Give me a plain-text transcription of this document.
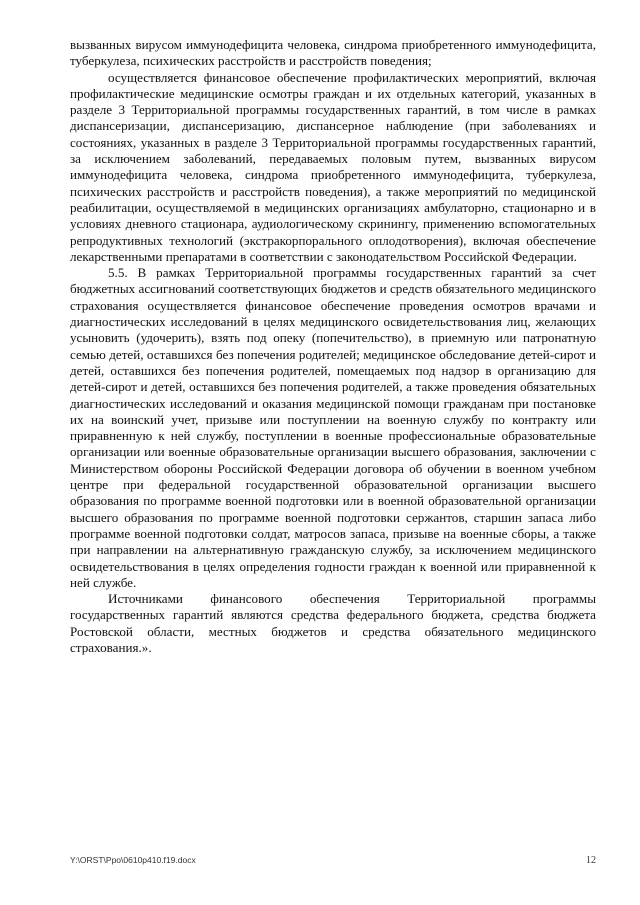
вызванных вирусом иммунодефицита человека, синдрома приобретенного иммунодефицита, туберкулеза, психических расстройств и расстройств поведения;

осуществляется финансовое обеспечение профилактических мероприятий, включая профилактические медицинские осмотры граждан и их отдельных категорий, указанных в разделе 3 Территориальной программы государственных гарантий, в том числе в рамках диспансеризации, диспансеризацию, диспансерное наблюдение (при заболеваниях и состояниях, указанных в разделе 3 Территориальной программы государственных гарантий, за исключением заболеваний, передаваемых половым путем, вызванных вирусом иммунодефицита человека, синдрома приобретенного иммунодефицита, туберкулеза, психических расстройств и расстройств поведения), а также мероприятий по медицинской реабилитации, осуществляемой в медицинских организациях амбулаторно, стационарно и в условиях дневного стационара, аудиологическому скринингу, применению вспомогательных репродуктивных технологий (экстракорпорального оплодотворения), включая обеспечение лекарственными препаратами в соответствии с законодательством Российской Федерации.

5.5. В рамках Территориальной программы государственных гарантий за счет бюджетных ассигнований соответствующих бюджетов и средств обязательного медицинского страхования осуществляется финансовое обеспечение проведения осмотров врачами и диагностических исследований в целях медицинского освидетельствования лиц, желающих усыновить (удочерить), взять под опеку (попечительство), в приемную или патронатную семью детей, оставшихся без попечения родителей; медицинское обследование детей-сирот и детей, оставшихся без попечения родителей, помещаемых под надзор в организацию для детей-сирот и детей, оставшихся без попечения родителей, а также проведения обязательных диагностических исследований и оказания медицинской помощи гражданам при постановке их на воинский учет, призыве или поступлении на военную службу по контракту или приравненную к ней службу, поступлении в военные профессиональные образовательные организации или военные образовательные организации высшего образования, заключении с Министерством обороны Российской Федерации договора об обучении в военном учебном центре при федеральной государственной образовательной организации высшего образования по программе военной подготовки или в военной образовательной организации высшего образования по программе военной подготовки сержантов, старшин запаса либо программе военной подготовки солдат, матросов запаса, призыве на военные сборы, а также при направлении на альтернативную гражданскую службу, за исключением медицинского освидетельствования в целях определения годности граждан к военной или приравненной к ней службе.

Источниками финансового обеспечения Территориальной программы государственных гарантий являются средства федерального бюджета, средства бюджета Ростовской области, местных бюджетов и средства обязательного медицинского страхования.».

Y:\ORST\Ppo\0610p410.f19.docx	12
